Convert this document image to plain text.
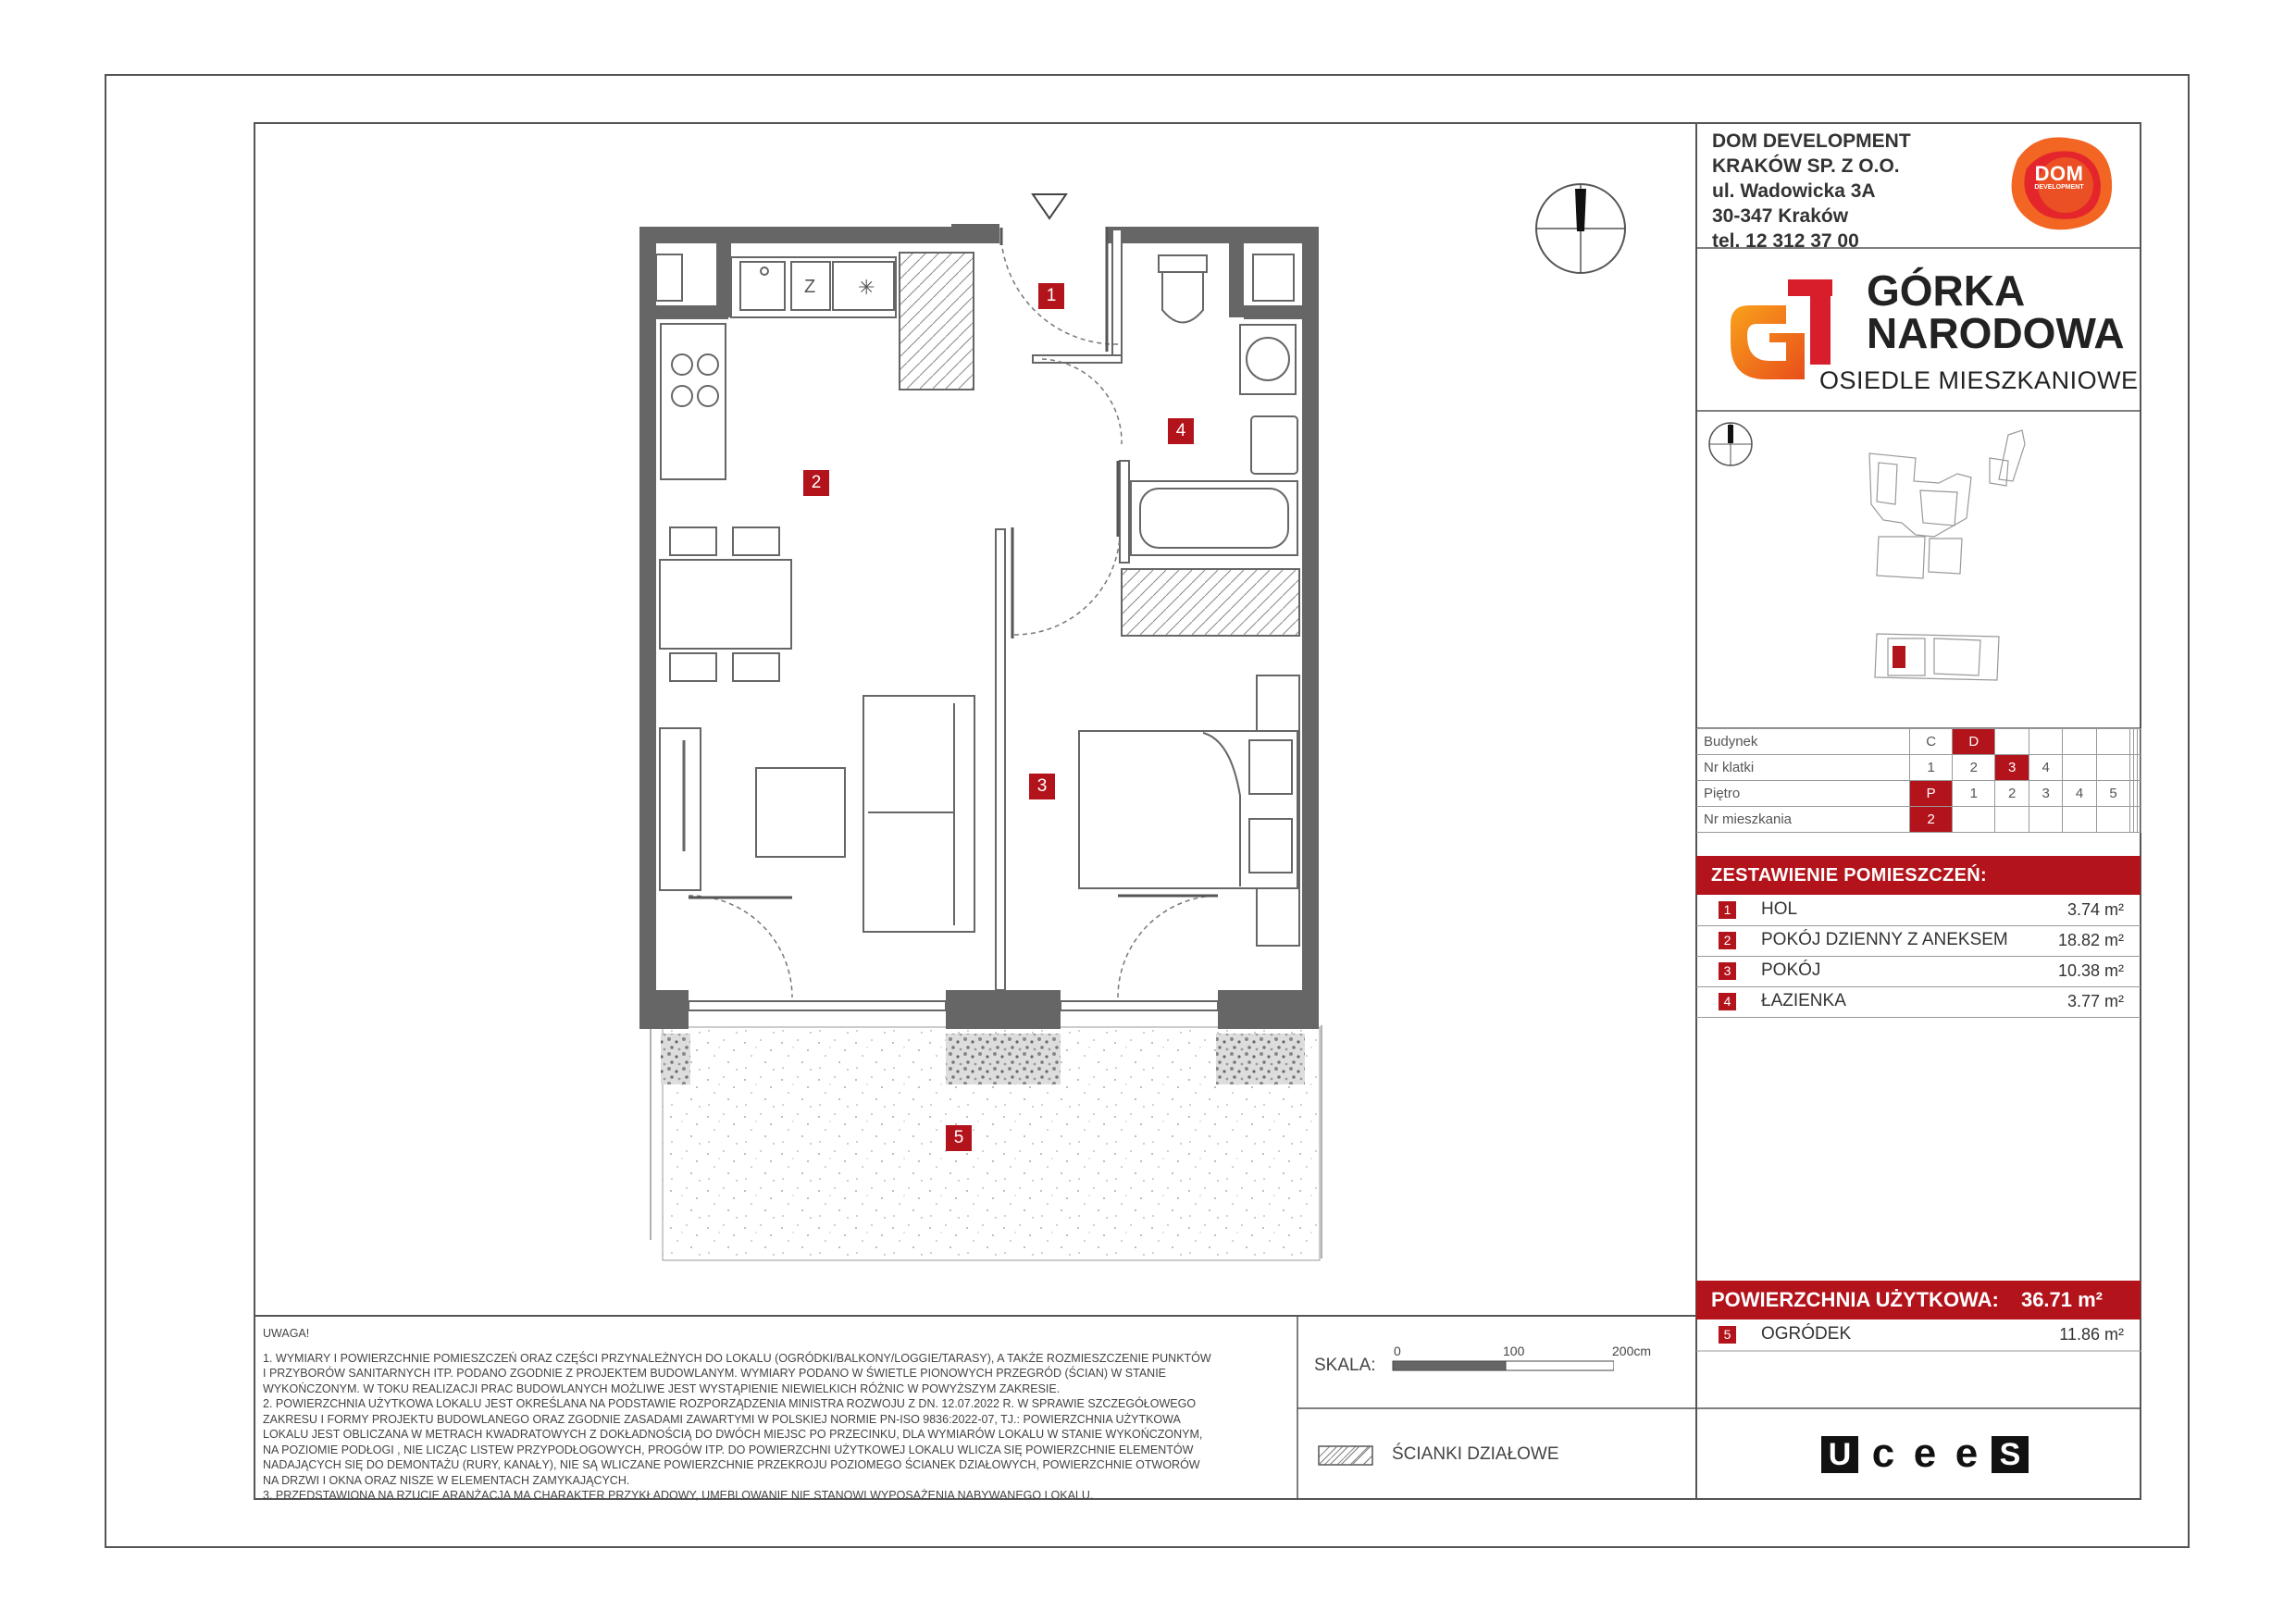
Z ✳	1
2
3
4
5
DOM DEVELOPMENT
KRAKÓW SP. Z O.O.
ul. Wadowicka 3A
30-347 Kraków
tel. 12 312 37 00
DOM
DEVELOPMENT
GÓRKA
NARODOWA
OSIEDLE MIESZKANIOWE
Budynek	C	D							
Nr klatki	1	2	3	4					
Piętro	P	1	2	3	4	5			
Nr mieszkania	2								
ZESTAWIENIE POMIESZCZEŃ:
1 HOL	3.74 m²
2 POKÓJ DZIENNY Z ANEKSEM	18.82 m²
3 POKÓJ	10.38 m²
4 ŁAZIENKA	3.77 m²
POWIERZCHNIA UŻYTKOWA: 36.71 m²
5 OGRÓDEK	11.86 m²

UWAGA!

1. WYMIARY I POWIERZCHNIE POMIESZCZEŃ ORAZ CZĘŚCI PRZYNALEŻNYCH DO LOKALU (OGRÓDKI/BALKONY/LOGGIE/TARASY), A TAKŻE ROZMIESZCZENIE PUNKTÓW

I PRZYBORÓW SANITARNYCH ITP. PODANO ZGODNIE Z PROJEKTEM BUDOWLANYM. WYMIARY PODANO W ŚWIETLE PIONOWYCH PRZEGRÓD (ŚCIAN) W STANIE

WYKOŃCZONYM. W TOKU REALIZACJI PRAC BUDOWLANYCH MOŻLIWE JEST WYSTĄPIENIE NIEWIELKICH RÓŻNIC W POWYŻSZYM ZAKRESIE.

2. POWIERZCHNIA UŻYTKOWA LOKALU JEST OKREŚLANA NA PODSTAWIE ROZPORZĄDZENIA MINISTRA ROZWOJU Z DN. 12.07.2022 R. W SPRAWIE SZCZEGÓŁOWEGO

ZAKRESU I FORMY PROJEKTU BUDOWLANEGO ORAZ ZGODNIE ZASADAMI ZAWARTYMI W POLSKIEJ NORMIE PN-ISO 9836:2022-07, TJ.: POWIERZCHNIA UŻYTKOWA

LOKALU JEST OBLICZANA W METRACH KWADRATOWYCH Z DOKŁADNOŚCIĄ DO DWÓCH MIEJSC PO PRZECINKU, DLA WYMIARÓW LOKALU W STANIE WYKOŃCZONYM,

NA POZIOMIE PODŁOGI , NIE LICZĄC LISTEW PRZYPODŁOGOWYCH, PROGÓW ITP. DO POWIERZCHNI UŻYTKOWEJ LOKALU WLICZA SIĘ POWIERZCHNIE ELEMENTÓW

NADAJĄCYCH SIĘ DO DEMONTAŻU (RURY, KANAŁY), NIE SĄ WLICZANE POWIERZCHNIE PRZEKROJU POZIOMEGO ŚCIANEK DZIAŁOWYCH, POWIERZCHNIE OTWORÓW

NA DRZWI I OKNA ORAZ NISZE W ELEMENTACH ZAMYKAJĄCYCH.

3. PRZEDSTAWIONA NA RZUCIE ARANŻACJA MA CHARAKTER PRZYKŁADOWY, UMEBLOWANIE NIE STANOWI WYPOSAŻENIA NABYWANEGO LOKALU.

SKALA:
0	100	200cm
ŚCIANKI DZIAŁOWE	U c e e S
